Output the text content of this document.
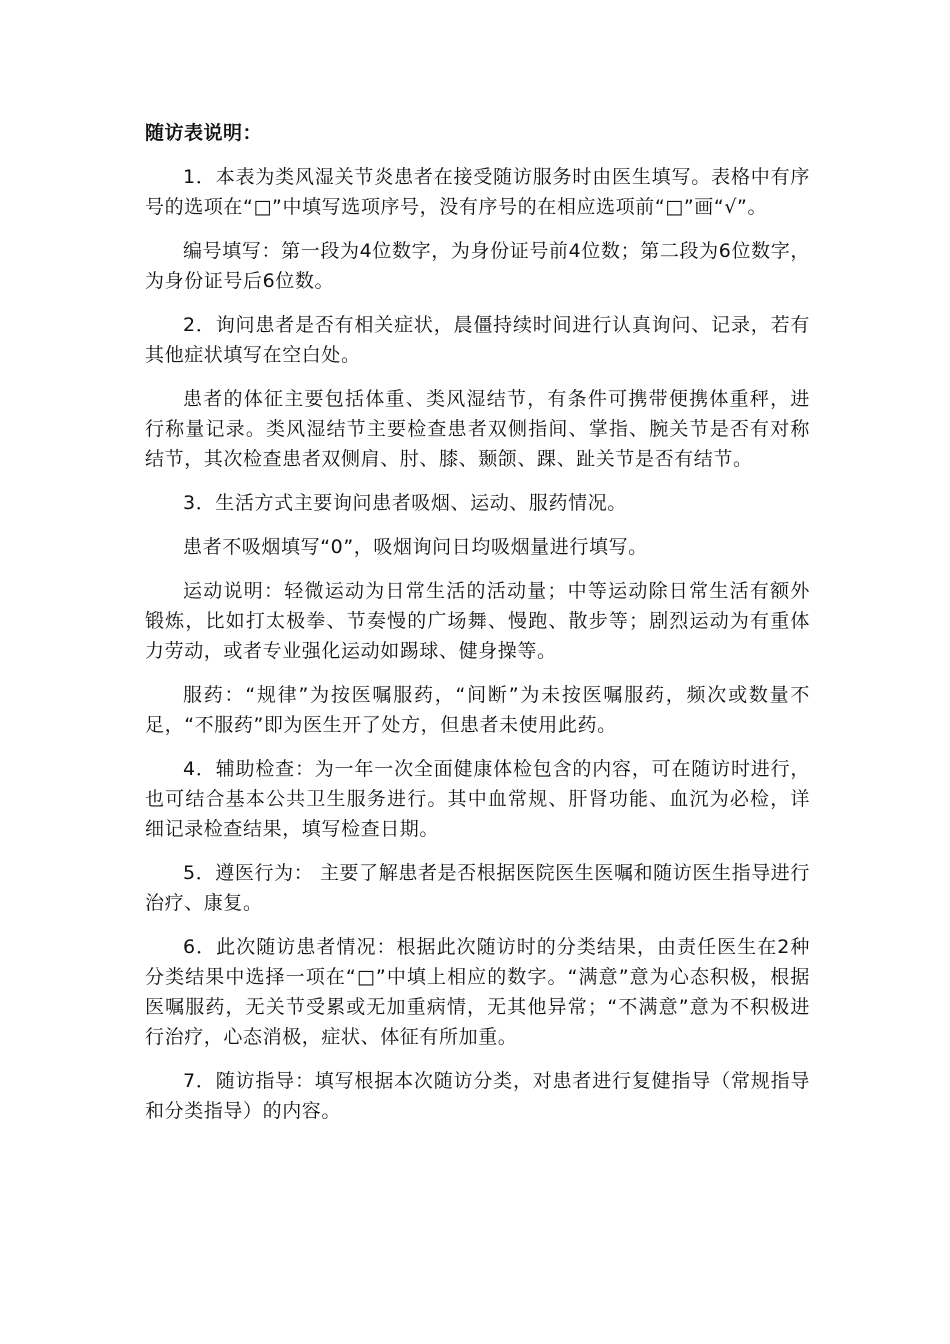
随访表说明：

1．本表为类风湿关节炎患者在接受随访服务时由医生填写。表格中有序号的选项在“□”中填写选项序号，没有序号的在相应选项前“□”画“√”。

编号填写：第一段为4位数字，为身份证号前4位数；第二段为6位数字，为身份证号后6位数。

2．询问患者是否有相关症状，晨僵持续时间进行认真询问、记录，若有其他症状填写在空白处。

患者的体征主要包括体重、类风湿结节，有条件可携带便携体重秤，进行称量记录。类风湿结节主要检查患者双侧指间、掌指、腕关节是否有对称结节，其次检查患者双侧肩、肘、膝、颞颌、踝、趾关节是否有结节。

3．生活方式主要询问患者吸烟、运动、服药情况。

患者不吸烟填写“0”，吸烟询问日均吸烟量进行填写。

运动说明：轻微运动为日常生活的活动量；中等运动除日常生活有额外锻炼，比如打太极拳、节奏慢的广场舞、慢跑、散步等；剧烈运动为有重体力劳动，或者专业强化运动如踢球、健身操等。

服药：“规律”为按医嘱服药，“间断”为未按医嘱服药，频次或数量不足，“不服药”即为医生开了处方，但患者未使用此药。

4．辅助检查：为一年一次全面健康体检包含的内容，可在随访时进行，也可结合基本公共卫生服务进行。其中血常规、肝肾功能、血沉为必检，详细记录检查结果，填写检查日期。

5．遵医行为： 主要了解患者是否根据医院医生医嘱和随访医生指导进行治疗、康复。

6．此次随访患者情况：根据此次随访时的分类结果，由责任医生在2种分类结果中选择一项在“□”中填上相应的数字。“满意”意为心态积极，根据医嘱服药，无关节受累或无加重病情，无其他异常；“不满意”意为不积极进行治疗，心态消极，症状、体征有所加重。

7．随访指导：填写根据本次随访分类，对患者进行复健指导（常规指导和分类指导）的内容。
